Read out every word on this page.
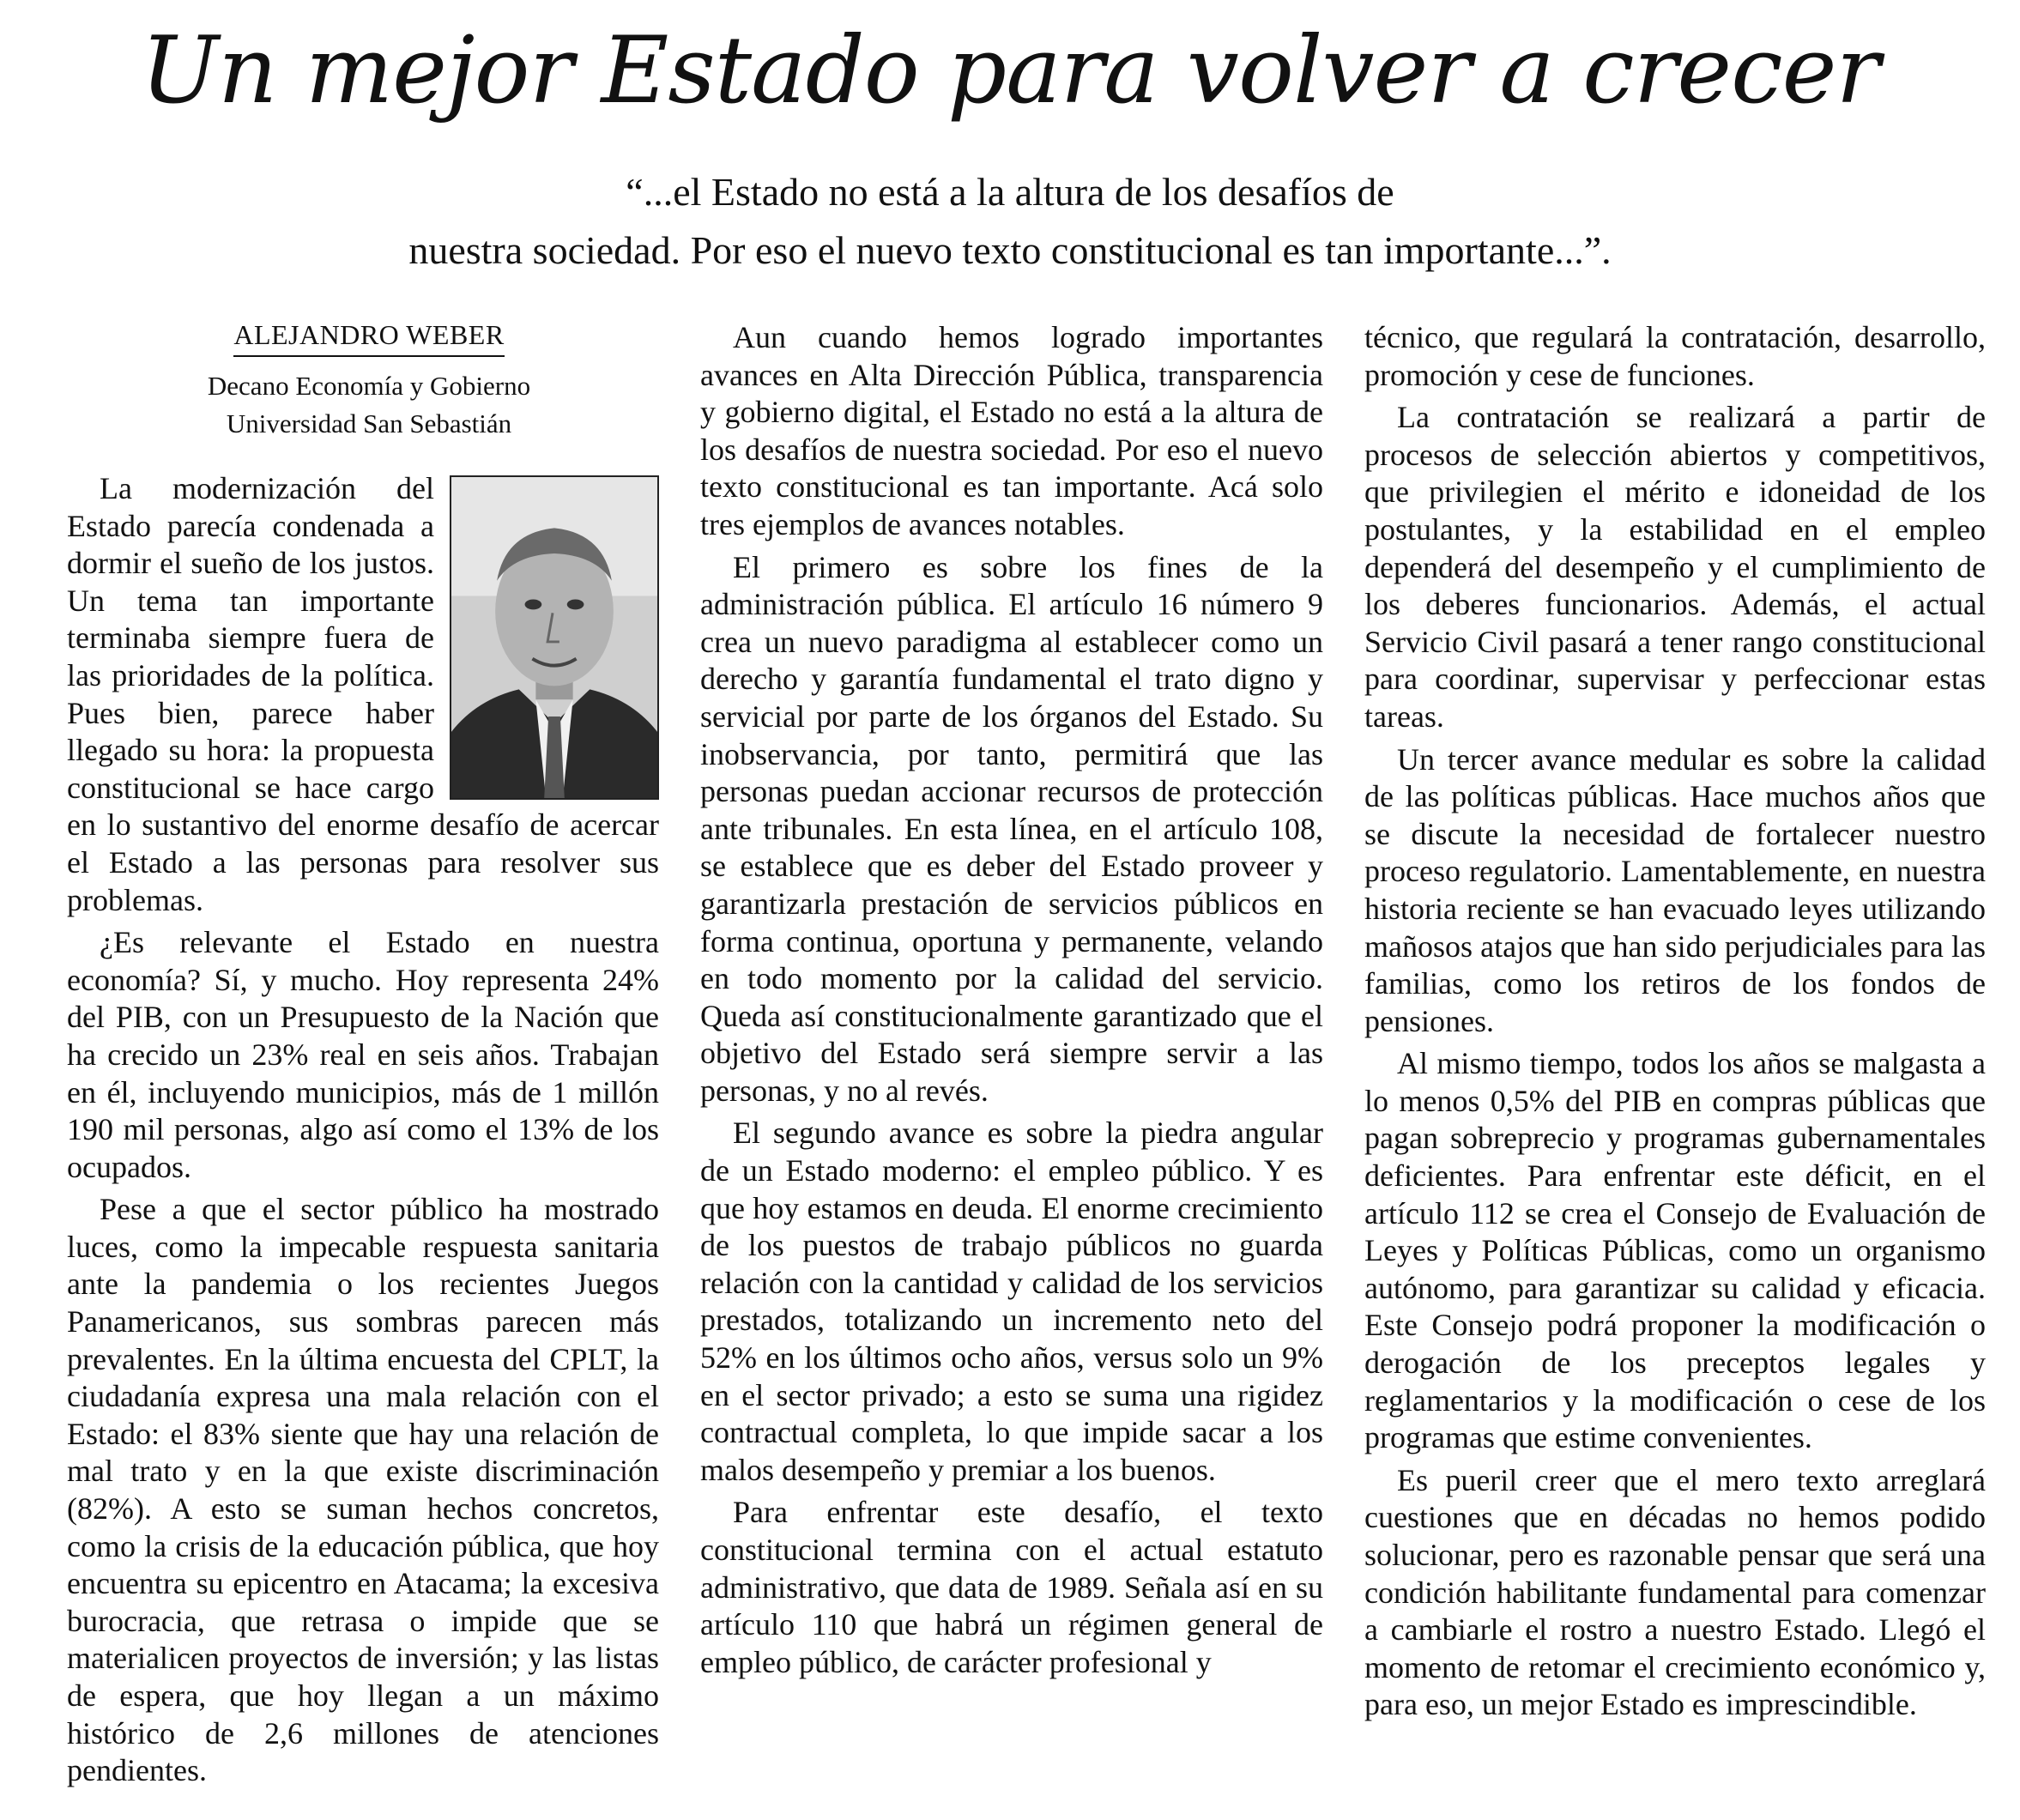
Un mejor Estado para volver a crecer

“...el Estado no está a la altura de los desafíos de

nuestra sociedad. Por eso el nuevo texto constitucional es tan importante...”.

ALEJANDRO WEBER

Decano Economía y Gobierno

Universidad San Sebastián

La modernización del Estado parecía condenada a dormir el sueño de los justos. Un tema tan importante terminaba siempre fuera de las prioridades de la política. Pues bien, parece haber llegado su hora: la propuesta constitucional se hace cargo en lo sustantivo del enorme desafío de acercar el Estado a las personas para resolver sus problemas.

¿Es relevante el Estado en nuestra economía? Sí, y mucho. Hoy representa 24% del PIB, con un Presupuesto de la Nación que ha crecido un 23% real en seis años. Trabajan en él, incluyendo municipios, más de 1 millón 190 mil personas, algo así como el 13% de los ocupados.

Pese a que el sector público ha mostrado luces, como la impecable respuesta sanitaria ante la pandemia o los recientes Juegos Panamericanos, sus sombras parecen más prevalentes. En la última encuesta del CPLT, la ciudadanía expresa una mala relación con el Estado: el 83% siente que hay una relación de mal trato y en la que existe discriminación (82%). A esto se suman hechos concretos, como la crisis de la educación pública, que hoy encuentra su epicentro en Atacama; la excesiva burocracia, que retrasa o impide que se materialicen proyectos de inversión; y las listas de espera, que hoy llegan a un máximo histórico de 2,6 millones de atenciones pendientes.

Aun cuando hemos logrado importantes avances en Alta Dirección Pública, transparencia y gobierno digital, el Estado no está a la altura de los desafíos de nuestra sociedad. Por eso el nuevo texto constitucional es tan importante. Acá solo tres ejemplos de avances notables.

El primero es sobre los fines de la administración pública. El artículo 16 número 9 crea un nuevo paradigma al establecer como un derecho y garantía fundamental el trato digno y servicial por parte de los órganos del Estado. Su inobservancia, por tanto, permitirá que las personas puedan accionar recursos de protección ante tribunales. En esta línea, en el artículo 108, se establece que es deber del Estado proveer y garantizarla prestación de servicios públicos en forma continua, oportuna y permanente, velando en todo momento por la calidad del servicio. Queda así constitucionalmente garantizado que el objetivo del Estado será siempre servir a las personas, y no al revés.

El segundo avance es sobre la piedra angular de un Estado moderno: el empleo público. Y es que hoy estamos en deuda. El enorme crecimiento de los puestos de trabajo públicos no guarda relación con la cantidad y calidad de los servicios prestados, totalizando un incremento neto del 52% en los últimos ocho años, versus solo un 9% en el sector privado; a esto se suma una rigidez contractual completa, lo que impide sacar a los malos desempeño y premiar a los buenos.

Para enfrentar este desafío, el texto constitucional termina con el actual estatuto administrativo, que data de 1989. Señala así en su artículo 110 que habrá un régimen general de empleo público, de carácter profesional y

técnico, que regulará la contratación, desarrollo, promoción y cese de funciones.

La contratación se realizará a partir de procesos de selección abiertos y competitivos, que privilegien el mérito e idoneidad de los postulantes, y la estabilidad en el empleo dependerá del desempeño y el cumplimiento de los deberes funcionarios. Además, el actual Servicio Civil pasará a tener rango constitucional para coordinar, supervisar y perfeccionar estas tareas.

Un tercer avance medular es sobre la calidad de las políticas públicas. Hace muchos años que se discute la necesidad de fortalecer nuestro proceso regulatorio. Lamentablemente, en nuestra historia reciente se han evacuado leyes utilizando mañosos atajos que han sido perjudiciales para las familias, como los retiros de los fondos de pensiones.

Al mismo tiempo, todos los años se malgasta a lo menos 0,5% del PIB en compras públicas que pagan sobreprecio y programas gubernamentales deficientes. Para enfrentar este déficit, en el artículo 112 se crea el Consejo de Evaluación de Leyes y Políticas Públicas, como un organismo autónomo, para garantizar su calidad y eficacia. Este Consejo podrá proponer la modificación o derogación de los preceptos legales y reglamentarios y la modificación o cese de los programas que estime convenientes.

Es pueril creer que el mero texto arreglará cuestiones que en décadas no hemos podido solucionar, pero es razonable pensar que será una condición habilitante fundamental para comenzar a cambiarle el rostro a nuestro Estado. Llegó el momento de retomar el crecimiento económico y, para eso, un mejor Estado es imprescindible.
